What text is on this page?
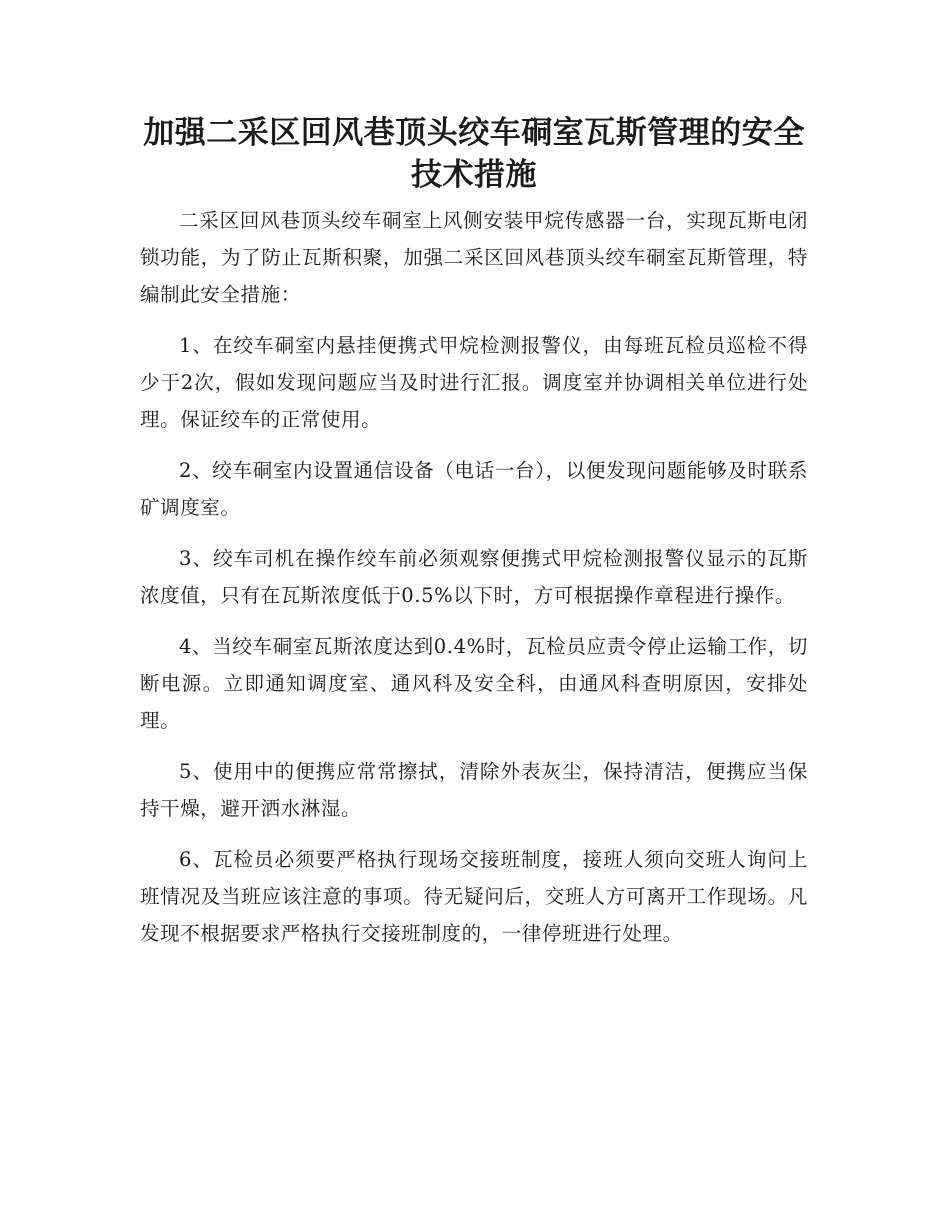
加强二采区回风巷顶头绞车硐室瓦斯管理的安全技术措施

二采区回风巷顶头绞车硐室上风侧安装甲烷传感器一台，实现瓦斯电闭锁功能，为了防止瓦斯积聚，加强二采区回风巷顶头绞车硐室瓦斯管理，特编制此安全措施：

1、在绞车硐室内悬挂便携式甲烷检测报警仪，由每班瓦检员巡检不得少于2次，假如发现问题应当及时进行汇报。调度室并协调相关单位进行处理。保证绞车的正常使用。

2、绞车硐室内设置通信设备（电话一台），以便发现问题能够及时联系矿调度室。

3、绞车司机在操作绞车前必须观察便携式甲烷检测报警仪显示的瓦斯浓度值，只有在瓦斯浓度低于0.5%以下时，方可根据操作章程进行操作。

4、当绞车硐室瓦斯浓度达到0.4%时，瓦检员应责令停止运输工作，切断电源。立即通知调度室、通风科及安全科，由通风科查明原因，安排处理。

5、使用中的便携应常常擦拭，清除外表灰尘，保持清洁，便携应当保持干燥，避开洒水淋湿。

6、瓦检员必须要严格执行现场交接班制度，接班人须向交班人询问上班情况及当班应该注意的事项。待无疑问后，交班人方可离开工作现场。凡发现不根据要求严格执行交接班制度的，一律停班进行处理。
